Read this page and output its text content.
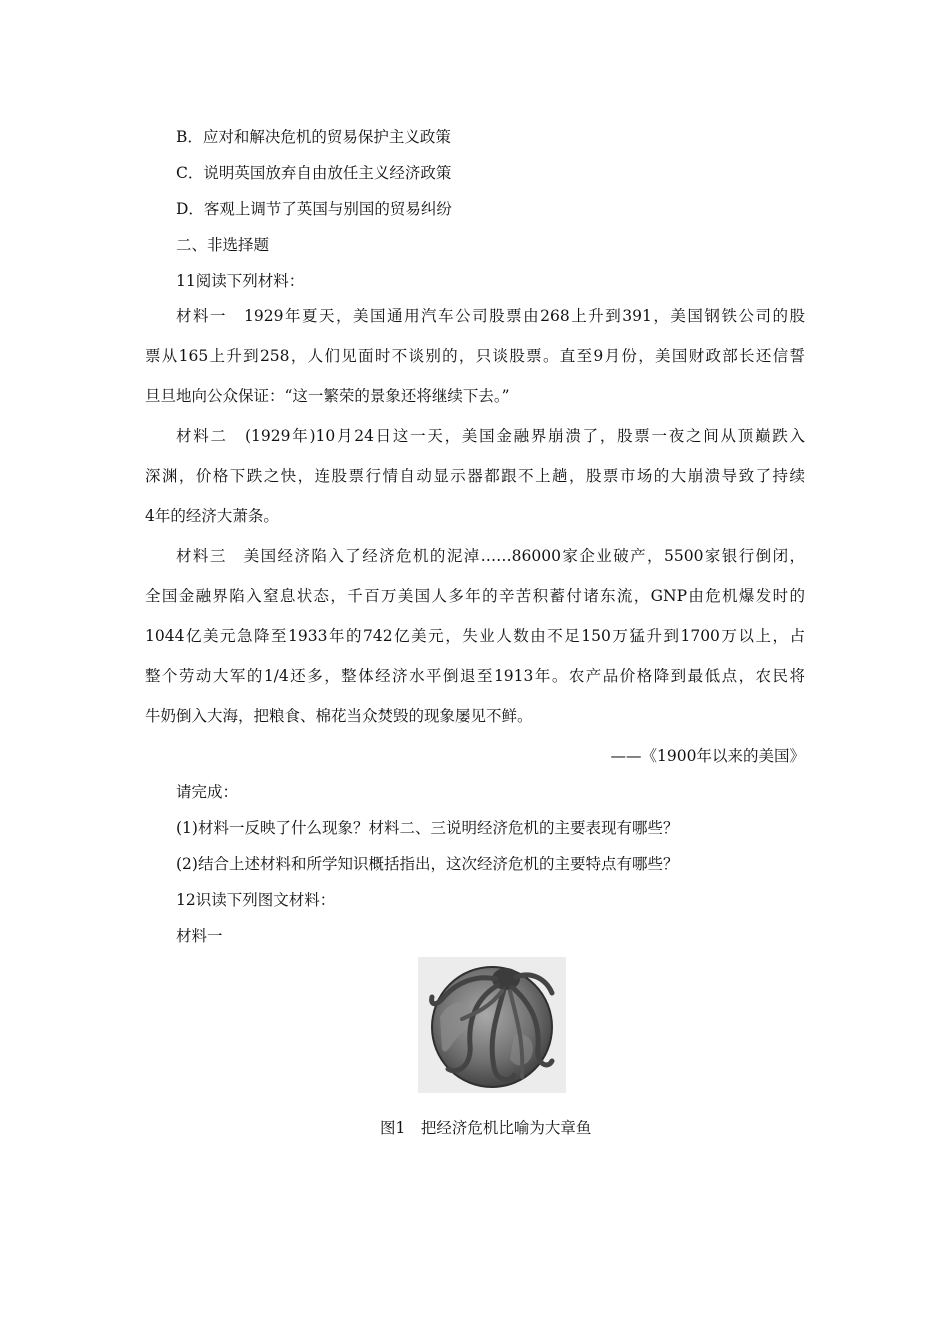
B．应对和解决危机的贸易保护主义政策
C．说明英国放弃自由放任主义经济政策
D．客观上调节了英国与别国的贸易纠纷
二、非选择题
11阅读下列材料：
材料一　1929年夏天，美国通用汽车公司股票由268上升到391，美国钢铁公司的股
票从165上升到258，人们见面时不谈别的，只谈股票。直至9月份，美国财政部长还信誓
旦旦地向公众保证：“这一繁荣的景象还将继续下去。”
材料二　(1929年)10月24日这一天，美国金融界崩溃了，股票一夜之间从顶巅跌入
深渊，价格下跌之快，连股票行情自动显示器都跟不上趟，股票市场的大崩溃导致了持续
4年的经济大萧条。
材料三　美国经济陷入了经济危机的泥淖……86000家企业破产，5500家银行倒闭，
全国金融界陷入窒息状态，千百万美国人多年的辛苦积蓄付诸东流，GNP由危机爆发时的
1044亿美元急降至1933年的742亿美元，失业人数由不足150万猛升到1700万以上，占
整个劳动大军的1/4还多，整体经济水平倒退至1913年。农产品价格降到最低点，农民将
牛奶倒入大海，把粮食、棉花当众焚毁的现象屡见不鲜。
——《1900年以来的美国》
请完成：
(1)材料一反映了什么现象？材料二、三说明经济危机的主要表现有哪些？
(2)结合上述材料和所学知识概括指出，这次经济危机的主要特点有哪些？
12识读下列图文材料：
材料一
图1　把经济危机比喻为大章鱼
